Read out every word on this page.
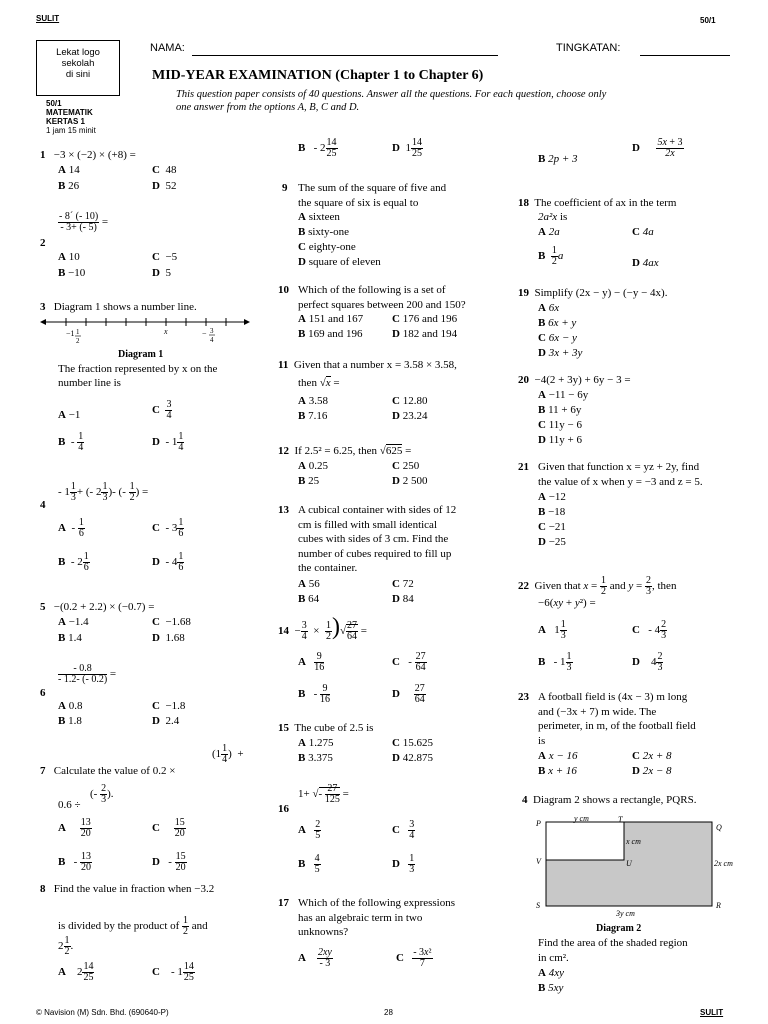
SULIT	50/1
Lekat logo
sekolah
di sini
NAMA:	TINGKATAN:
MID-YEAR EXAMINATION (Chapter 1 to Chapter 6)
This question paper consists of 40 questions. Answer all the questions. For each question, choose only
one answer from the options A, B, C and D.
50/1
MATEMATIK
KERTAS 1
1 jam 15 minit
1 −3 × (−2) × (+8) =
A 14	C 48
B 26	D 52
$\frac{- 8´ (- 10)}{- 3+ (- 5)}$ =
2
A 10	C −5
B −10	D 5
3 Diagram 1 shows a number line.
x
−1 1
2
− 3
4
Diagram 1
The fraction represented by x on the
number line is
A −1	C $\frac{3}{4}$
B  - $\frac{1}{4}$	D  - $1 \frac{1}{4}$
- $1 \frac{1}{3}$ + (- $2 \frac{1}{3}$ )- (- $\frac{1}{2}$ ) =
4
A  - $\frac{1}{6}$	C  - $3 \frac{1}{6}$
B  - $2 \frac{1}{6}$	D  - $4 \frac{1}{6}$
5 −(0.2 + 2.2) × (−0.7) =
A −1.4	C −1.68
B 1.4	D 1.68
$\frac{- 0.8}{- 1.2- (- 0.2)}$ =
6
A 0.8	C −1.8
B 1.8	D 2.4
7 Calculate the value of 0.2 ×
($1 \frac{1}{4}$ )  +
0.6 ÷
(- $\frac{2}{3}$ ).
A $\frac{13}{20}$	C $\frac{15}{20}$
B   - $\frac{13}{20}$	D   - $\frac{15}{20}$
8 Find the value in fraction when −3.2
is divided by the product of $\frac{1}{2}$ and
$2 \frac{1}{2}$ .
A    $2 \frac{14}{25}$	C    - $1 \frac{14}{25}$
B   - $2 \frac{14}{25}$	D  $1 \frac{14}{25}$
9 The sum of the square of five and
the square of six is equal to
A sixteen
B sixty-one
C eighty-one
D square of eleven
10 Which of the following is a set of
perfect squares between 200 and 150?
A 151 and 167	C 176 and 196
B 169 and 196	D 182 and 194
11 Given that a number x = 3.58 × 3.58,
then √x =
A 3.58	C 12.80
B 7.16	D 23.24
12 If 2.5² = 6.25, then √625 =
A 0.25	C 250
B 25	D 2 500
13 A cubical container with sides of 12
cm is filled with small identical
cubes with sides of 3 cm. Find the
number of cubes required to fill up
the container.
A 56	C 72
B 64	D 84
$14 - \frac{3}{4} \times \frac{1}{2}$ )√ $\frac{27}{64}$ =
A $\frac{9}{16}$	C   - $\frac{27}{64}$
B   - $\frac{9}{16}$	D $\frac{27}{64}$
15 The cube of 2.5 is
A 1.275	C 15.625
B 3.375	D 42.875
1+ √- $\frac{27}{125}$ =
16
A $\frac{2}{5}$	C $\frac{3}{4}$
B $\frac{4}{5}$	D $\frac{1}{3}$
17 Which of the following expressions
has an algebraic term in two
unknowns?
A $\frac{2xy}{- 3}$	C $\frac{\text{- 3x²}}{7}$
B 2p + 3
D $\frac{5x + 3}{2x}$
18 The coefficient of ax in the term
2a²x is
A 2a	C 4a
B $\frac{1}{2}$ a
D 4ax
19 Simplify (2x − y) − (−y − 4x).
A 6x
B 6x + y
C 6x − y
D 3x + 3y
20 −4(2 + 3y) + 6y − 3 =
A −11 − 6y
B 11 + 6y
C 11y − 6
D 11y + 6
21 Given that function x = yz + 2y, find
the value of x when y = −3 and z = 5.
A −12
B −18
C −21
D −25
22  Given that $x = \frac{1}{2}$ and $y = \frac{2}{3}$ , then
−6(xy + y²) =
A   $1 \frac{1}{3}$	C   - $4 \frac{2}{3}$
B   - $1 \frac{1}{3}$	D    $4 \frac{2}{3}$
23 A football field is (4x − 3) m long
and (−3x + 7) m wide. The
perimeter, in m, of the football field
is
A x − 16	C 2x + 8
B x + 16	D 2x − 8
4 Diagram 2 shows a rectangle, PQRS.
P	T
Q
V	U
S	R
y cm
x cm
2x cm
3y cm
Diagram 2
Find the area of the shaded region
in cm².
A 4xy
B 5xy
© Navision (M) Sdn. Bhd. (690640-P)	28	SULIT
